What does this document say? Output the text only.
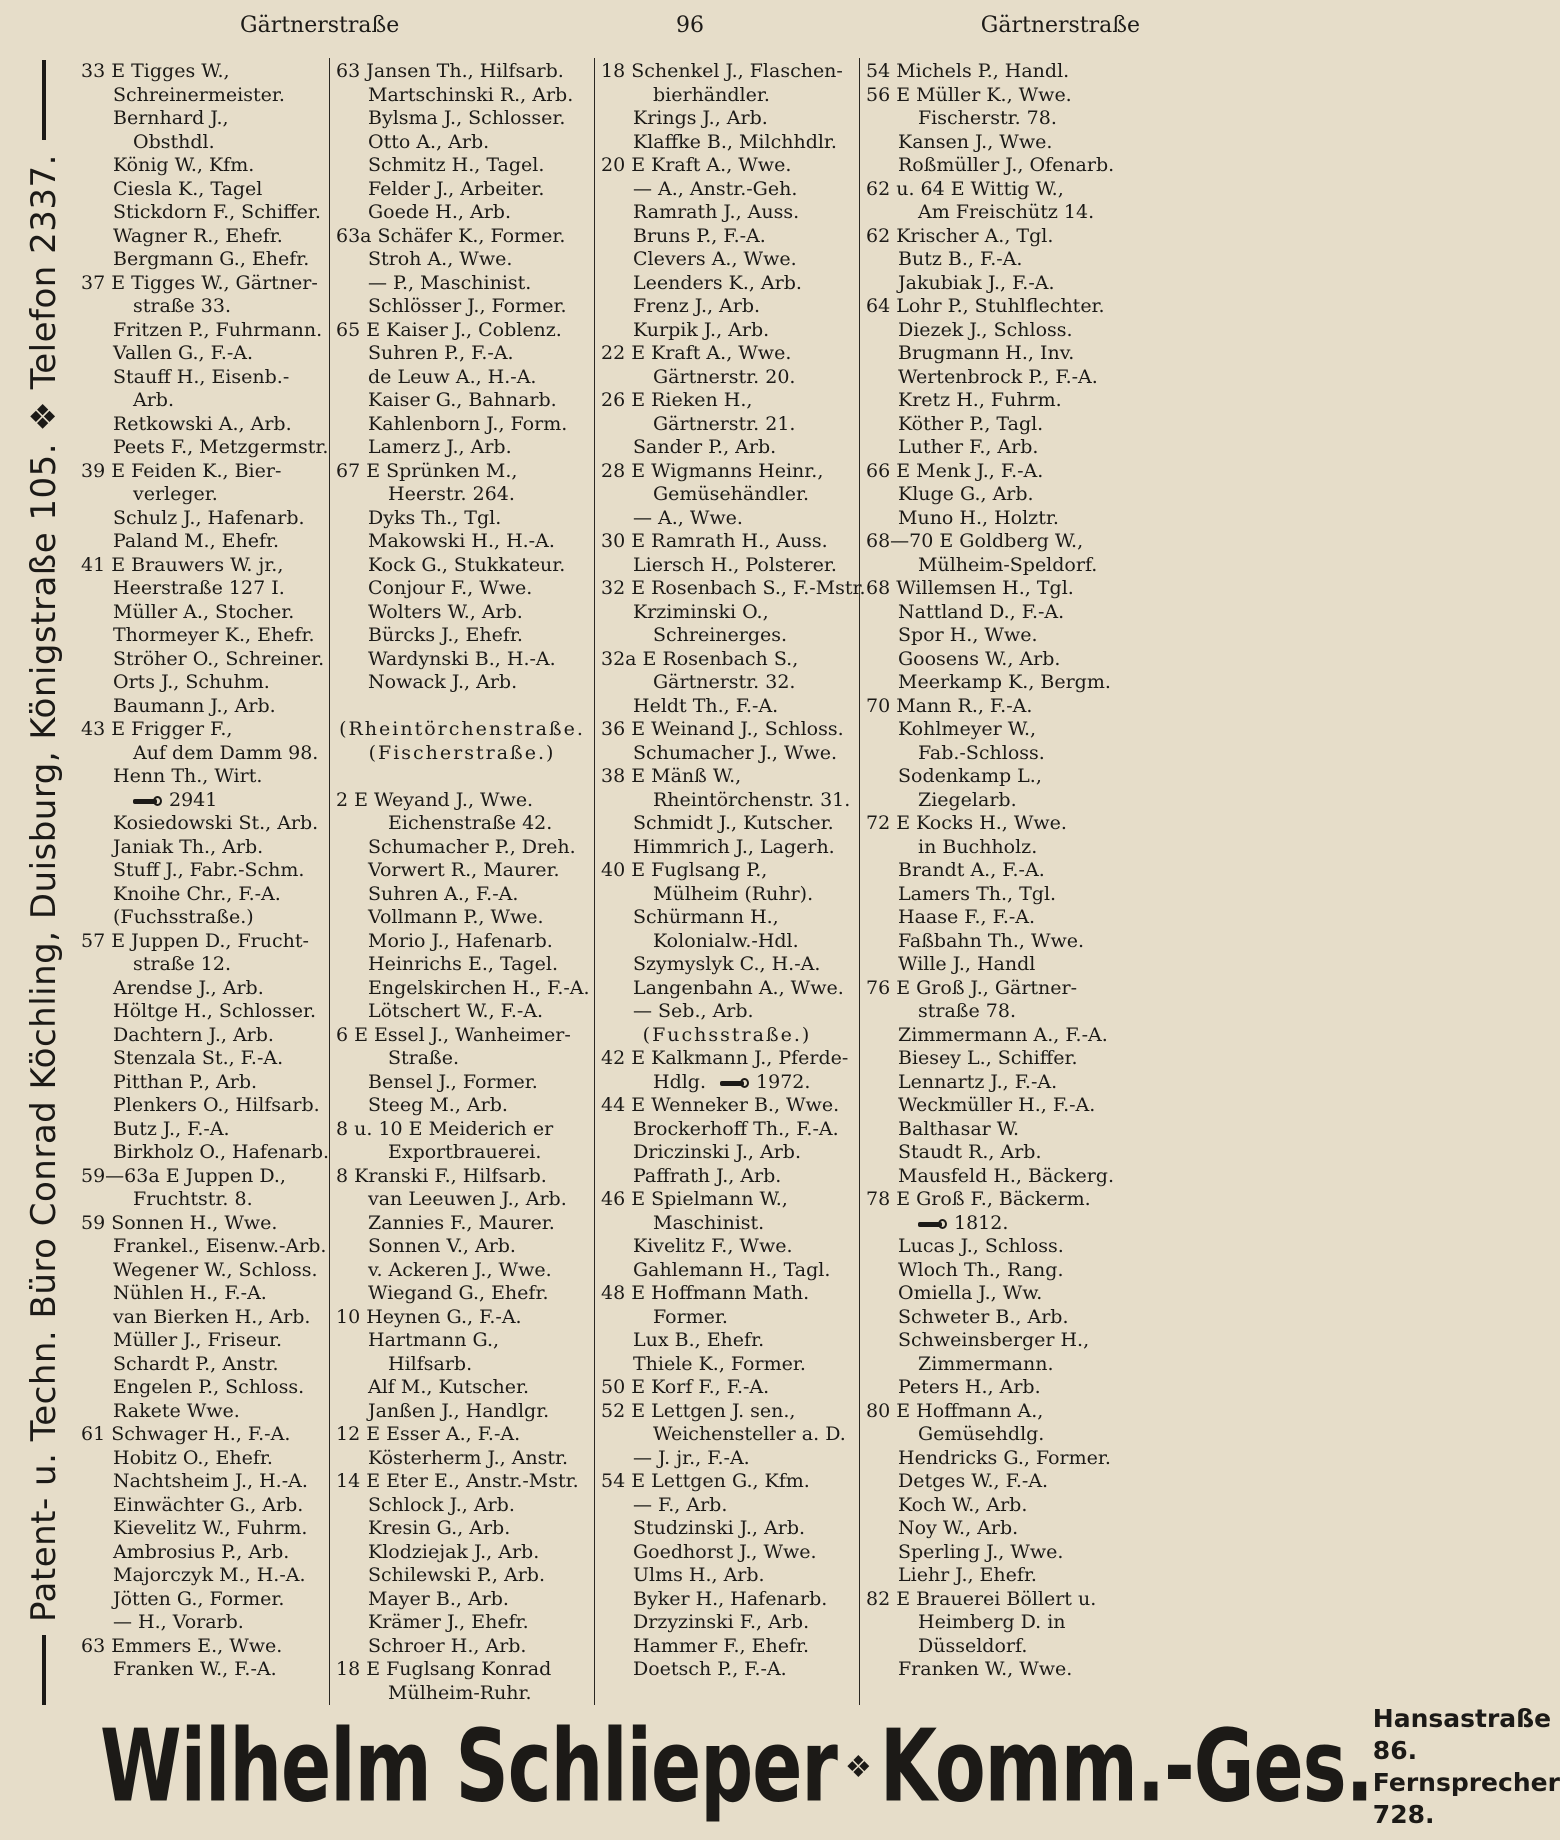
Gärtnerstraße	96	Gärtnerstraße
Patent- u. Techn. Büro Conrad Köchling, Duisburg, Königstraße 105. ❖ Telefon 2337.
33 E Tigges W.,
Schreinermeister.
Bernhard J.,
Obsthdl.
König W., Kfm.
Ciesla K., Tagel
Stickdorn F., Schiffer.
Wagner R., Ehefr.
Bergmann G., Ehefr.
37 E Tigges W., Gärtner-
straße 33.
Fritzen P., Fuhrmann.
Vallen G., F.-A.
Stauff H., Eisenb.-
Arb.
Retkowski A., Arb.
Peets F., Metzgermstr.
39 E Feiden K., Bier-
verleger.
Schulz J., Hafenarb.
Paland M., Ehefr.
41 E Brauwers W. jr.,
Heerstraße 127 I.
Müller A., Stocher.
Thormeyer K., Ehefr.
Ströher O., Schreiner.
Orts J., Schuhm.
Baumann J., Arb.
43 E Frigger F.,
Auf dem Damm 98.
Henn Th., Wirt.
2941
Kosiedowski St., Arb.
Janiak Th., Arb.
Stuff J., Fabr.-Schm.
Knoihe Chr., F.-A.
(Fuchsstraße.)
57 E Juppen D., Frucht-
straße 12.
Arendse J., Arb.
Höltge H., Schlosser.
Dachtern J., Arb.
Stenzala St., F.-A.
Pitthan P., Arb.
Plenkers O., Hilfsarb.
Butz J., F.-A.
Birkholz O., Hafenarb.
59—63a E Juppen D.,
Fruchtstr. 8.
59 Sonnen H., Wwe.
Frankel., Eisenw.-Arb.
Wegener W., Schloss.
Nühlen H., F.-A.
van Bierken H., Arb.
Müller J., Friseur.
Schardt P., Anstr.
Engelen P., Schloss.
Rakete Wwe.
61 Schwager H., F.-A.
Hobitz O., Ehefr.
Nachtsheim J., H.-A.
Einwächter G., Arb.
Kievelitz W., Fuhrm.
Ambrosius P., Arb.
Majorczyk M., H.-A.
Jötten G., Former.
— H., Vorarb.
63 Emmers E., Wwe.
Franken W., F.-A.
63 Jansen Th., Hilfsarb.
Martschinski R., Arb.
Bylsma J., Schlosser.
Otto A., Arb.
Schmitz H., Tagel.
Felder J., Arbeiter.
Goede H., Arb.
63a Schäfer K., Former.
Stroh A., Wwe.
— P., Maschinist.
Schlösser J., Former.
65 E Kaiser J., Coblenz.
Suhren P., F.-A.
de Leuw A., H.-A.
Kaiser G., Bahnarb.
Kahlenborn J., Form.
Lamerz J., Arb.
67 E Sprünken M.,
Heerstr. 264.
Dyks Th., Tgl.
Makowski H., H.-A.
Kock G., Stukkateur.
Conjour F., Wwe.
Wolters W., Arb.
Bürcks J., Ehefr.
Wardynski B., H.-A.
Nowack J., Arb.
(Rheintörchenstraße.
(Fischerstraße.)
2 E Weyand J., Wwe.
Eichenstraße 42.
Schumacher P., Dreh.
Vorwert R., Maurer.
Suhren A., F.-A.
Vollmann P., Wwe.
Morio J., Hafenarb.
Heinrichs E., Tagel.
Engelskirchen H., F.-A.
Lötschert W., F.-A.
6 E Essel J., Wanheimer-
Straße.
Bensel J., Former.
Steeg M., Arb.
8 u. 10 E Meiderich er
Exportbrauerei.
8 Kranski F., Hilfsarb.
van Leeuwen J., Arb.
Zannies F., Maurer.
Sonnen V., Arb.
v. Ackeren J., Wwe.
Wiegand G., Ehefr.
10 Heynen G., F.-A.
Hartmann G.,
Hilfsarb.
Alf M., Kutscher.
Janßen J., Handlgr.
12 E Esser A., F.-A.
Kösterherm J., Anstr.
14 E Eter E., Anstr.-Mstr.
Schlock J., Arb.
Kresin G., Arb.
Klodziejak J., Arb.
Schilewski P., Arb.
Mayer B., Arb.
Krämer J., Ehefr.
Schroer H., Arb.
18 E Fuglsang Konrad
Mülheim-Ruhr.
18 Schenkel J., Flaschen-
bierhändler.
Krings J., Arb.
Klaffke B., Milchhdlr.
20 E Kraft A., Wwe.
— A., Anstr.-Geh.
Ramrath J., Auss.
Bruns P., F.-A.
Clevers A., Wwe.
Leenders K., Arb.
Frenz J., Arb.
Kurpik J., Arb.
22 E Kraft A., Wwe.
Gärtnerstr. 20.
26 E Rieken H.,
Gärtnerstr. 21.
Sander P., Arb.
28 E Wigmanns Heinr.,
Gemüsehändler.
— A., Wwe.
30 E Ramrath H., Auss.
Liersch H., Polsterer.
32 E Rosenbach S., F.-Mstr.
Krziminski O.,
Schreinerges.
32a E Rosenbach S.,
Gärtnerstr. 32.
Heldt Th., F.-A.
36 E Weinand J., Schloss.
Schumacher J., Wwe.
38 E Mänß W.,
Rheintörchenstr. 31.
Schmidt J., Kutscher.
Himmrich J., Lagerh.
40 E Fuglsang P.,
Mülheim (Ruhr).
Schürmann H.,
Kolonialw.-Hdl.
Szymyslyk C., H.-A.
Langenbahn A., Wwe.
— Seb., Arb.
(Fuchsstraße.)
42 E Kalkmann J., Pferde-
Hdlg.	1972.
44 E Wenneker B., Wwe.
Brockerhoff Th., F.-A.
Driczinski J., Arb.
Paffrath J., Arb.
46 E Spielmann W.,
Maschinist.
Kivelitz F., Wwe.
Gahlemann H., Tagl.
48 E Hoffmann Math.
Former.
Lux B., Ehefr.
Thiele K., Former.
50 E Korf F., F.-A.
52 E Lettgen J. sen.,
Weichensteller a. D.
— J. jr., F.-A.
54 E Lettgen G., Kfm.
— F., Arb.
Studzinski J., Arb.
Goedhorst J., Wwe.
Ulms H., Arb.
Byker H., Hafenarb.
Drzyzinski F., Arb.
Hammer F., Ehefr.
Doetsch P., F.-A.
54 Michels P., Handl.
56 E Müller K., Wwe.
Fischerstr. 78.
Kansen J., Wwe.
Roßmüller J., Ofenarb.
62 u. 64 E Wittig W.,
Am Freischütz 14.
62 Krischer A., Tgl.
Butz B., F.-A.
Jakubiak J., F.-A.
64 Lohr P., Stuhlflechter.
Diezek J., Schloss.
Brugmann H., Inv.
Wertenbrock P., F.-A.
Kretz H., Fuhrm.
Köther P., Tagl.
Luther F., Arb.
66 E Menk J., F.-A.
Kluge G., Arb.
Muno H., Holztr.
68—70 E Goldberg W.,
Mülheim-Speldorf.
68 Willemsen H., Tgl.
Nattland D., F.-A.
Spor H., Wwe.
Goosens W., Arb.
Meerkamp K., Bergm.
70 Mann R., F.-A.
Kohlmeyer W.,
Fab.-Schloss.
Sodenkamp L.,
Ziegelarb.
72 E Kocks H., Wwe.
in Buchholz.
Brandt A., F.-A.
Lamers Th., Tgl.
Haase F., F.-A.
Faßbahn Th., Wwe.
Wille J., Handl
76 E Groß J., Gärtner-
straße 78.
Zimmermann A., F.-A.
Biesey L., Schiffer.
Lennartz J., F.-A.
Weckmüller H., F.-A.
Balthasar W.
Staudt R., Arb.
Mausfeld H., Bäckerg.
78 E Groß F., Bäckerm.
1812.
Lucas J., Schloss.
Wloch Th., Rang.
Omiella J., Ww.
Schweter B., Arb.
Schweinsberger H.,
Zimmermann.
Peters H., Arb.
80 E Hoffmann A.,
Gemüsehdlg.
Hendricks G., Former.
Detges W., F.-A.
Koch W., Arb.
Noy W., Arb.
Sperling J., Wwe.
Liehr J., Ehefr.
82 E Brauerei Böllert u.
Heimberg D. in
Düsseldorf.
Franken W., Wwe.
Wilhelm Schlieper ❖ Komm.-Ges. Hansastraße 86.
Fernsprecher 728.
